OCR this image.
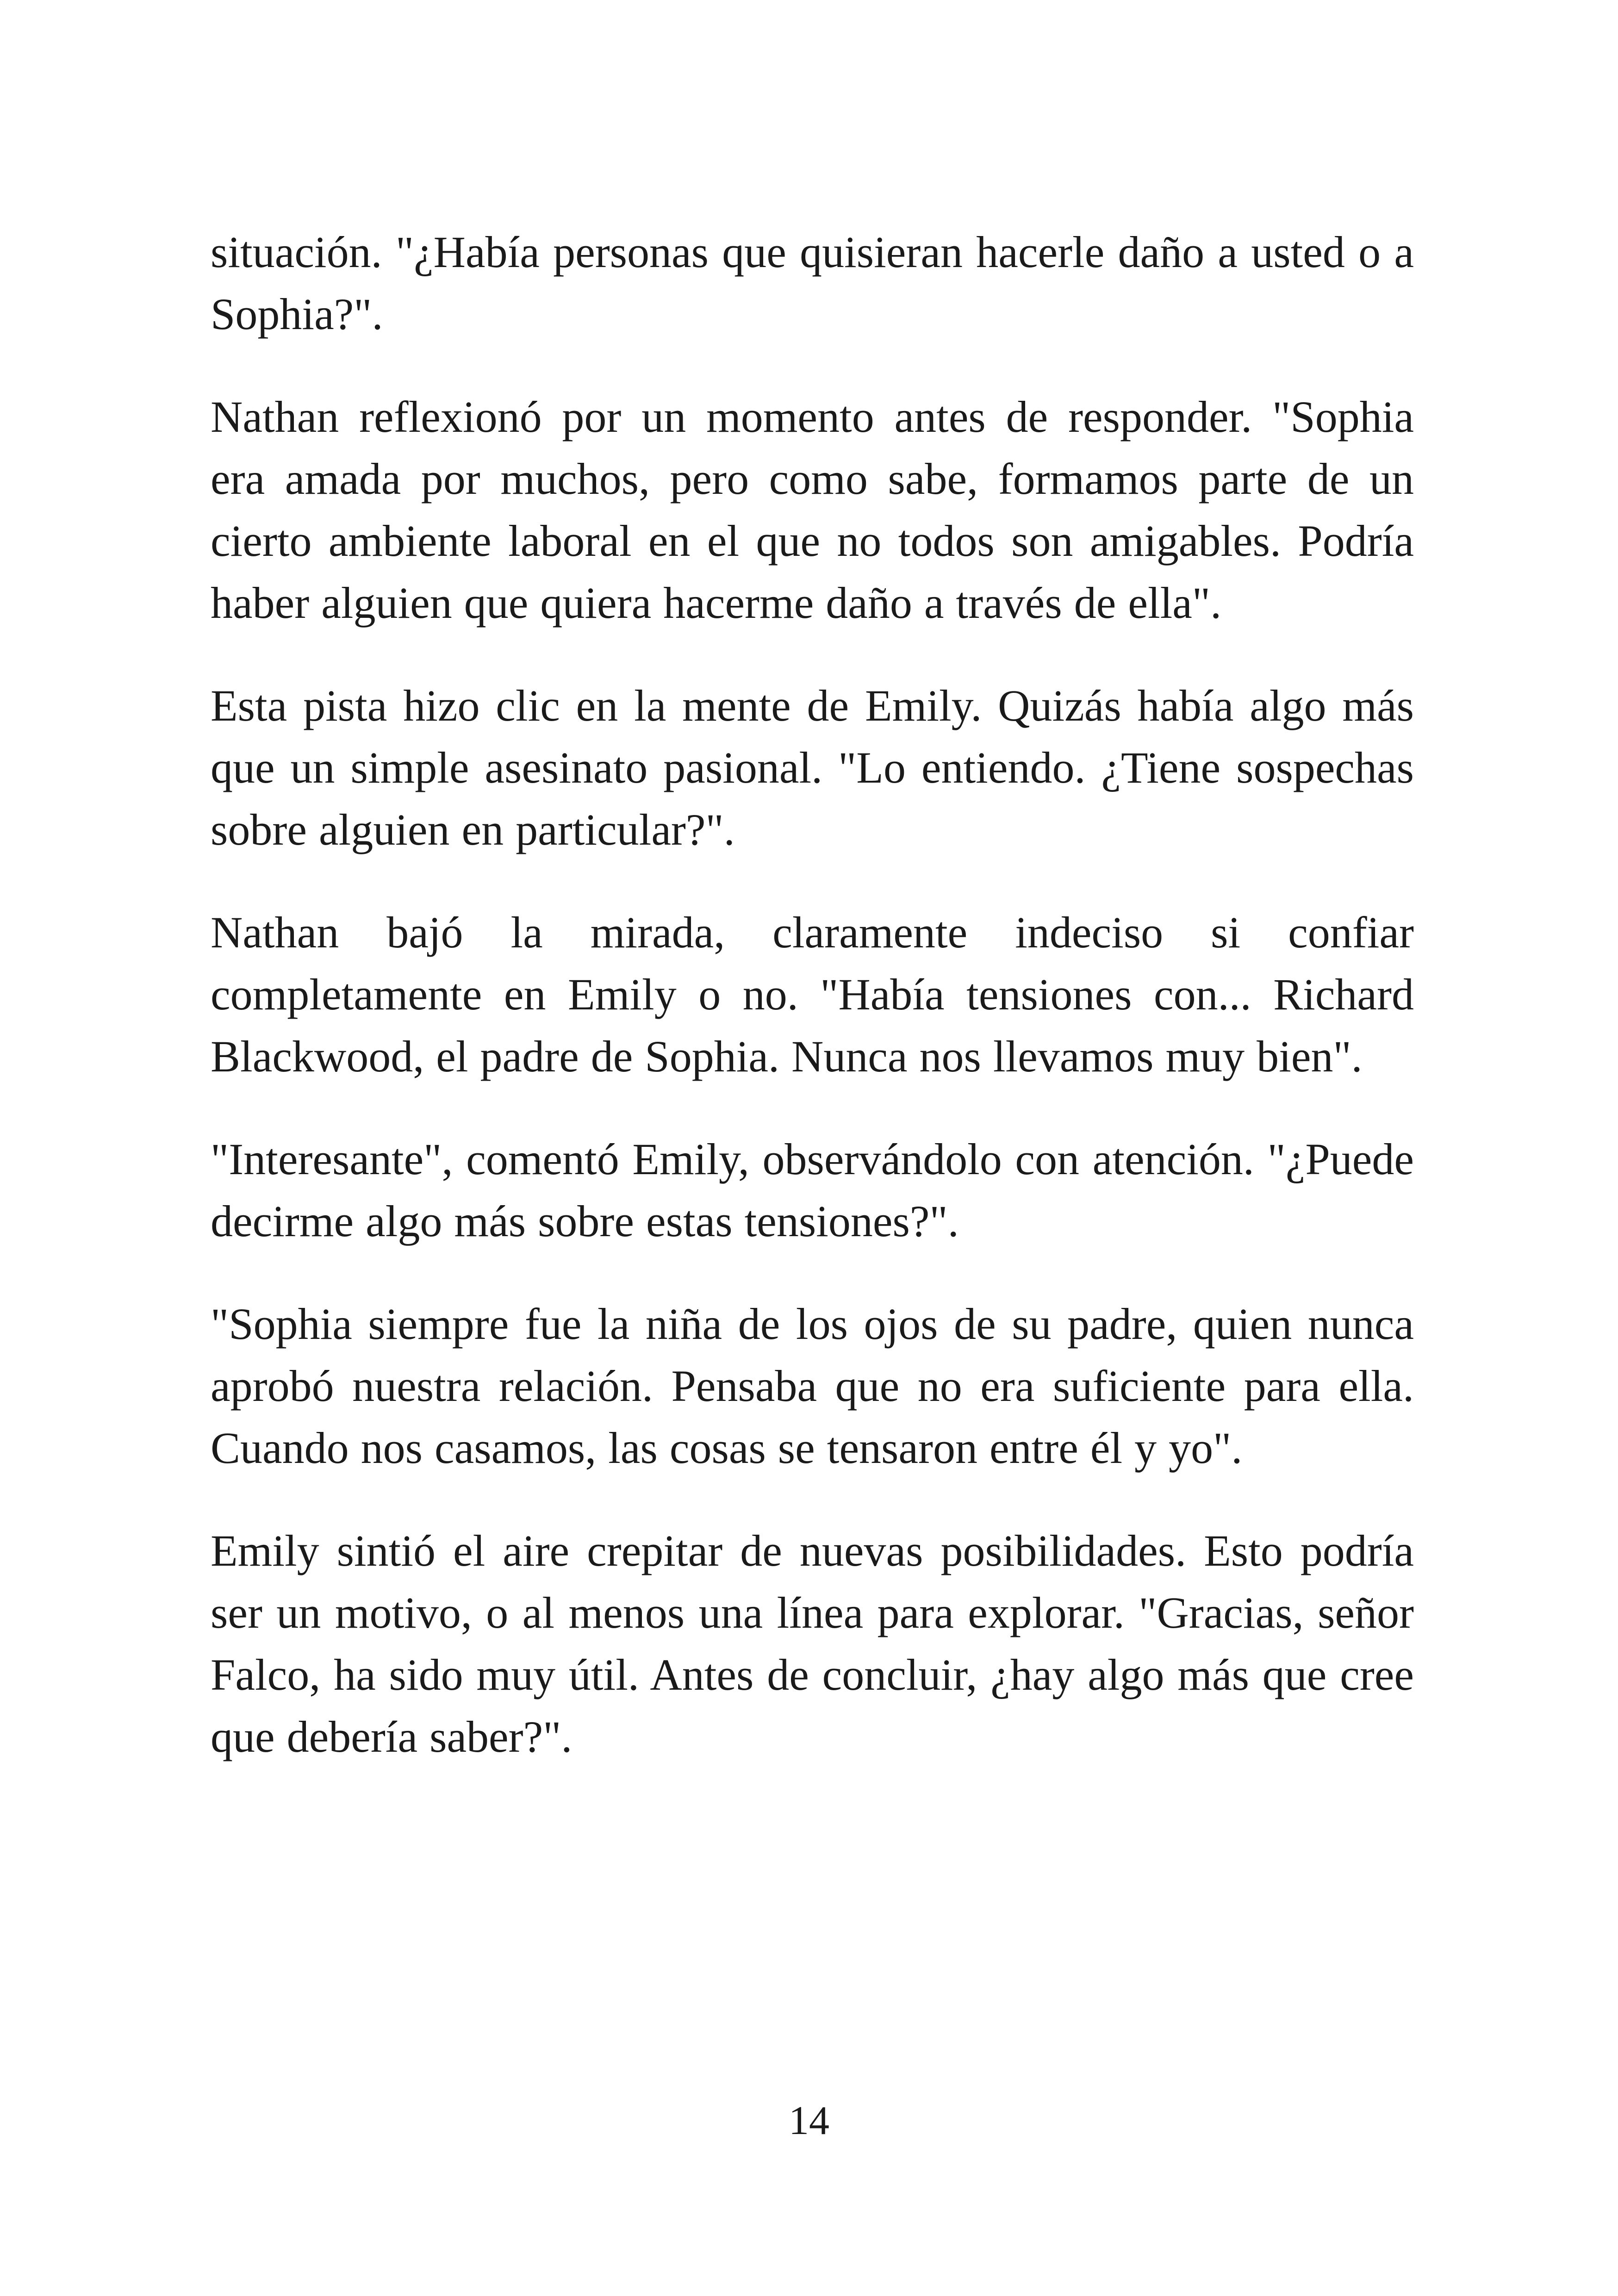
situación. "¿Había personas que quisieran hacerle daño a usted o a Sophia?".

Nathan reflexionó por un momento antes de responder. "Sophia era amada por muchos, pero como sabe, formamos parte de un cierto ambiente laboral en el que no todos son amigables. Podría haber alguien que quiera hacerme daño a través de ella".

Esta pista hizo clic en la mente de Emily. Quizás había algo más que un simple asesinato pasional. "Lo entiendo. ¿Tiene sospechas sobre alguien en particular?".

Nathan bajó la mirada, claramente indeciso si confiar completamente en Emily o no. "Había tensiones con... Richard Blackwood, el padre de Sophia. Nunca nos llevamos muy bien".

"Interesante", comentó Emily, observándolo con atención. "¿Puede decirme algo más sobre estas tensiones?".

"Sophia siempre fue la niña de los ojos de su padre, quien nunca aprobó nuestra relación. Pensaba que no era suficiente para ella. Cuando nos casamos, las cosas se tensaron entre él y yo".

Emily sintió el aire crepitar de nuevas posibilidades. Esto podría ser un motivo, o al menos una línea para explorar. "Gracias, señor Falco, ha sido muy útil. Antes de concluir, ¿hay algo más que cree que debería saber?".

14
